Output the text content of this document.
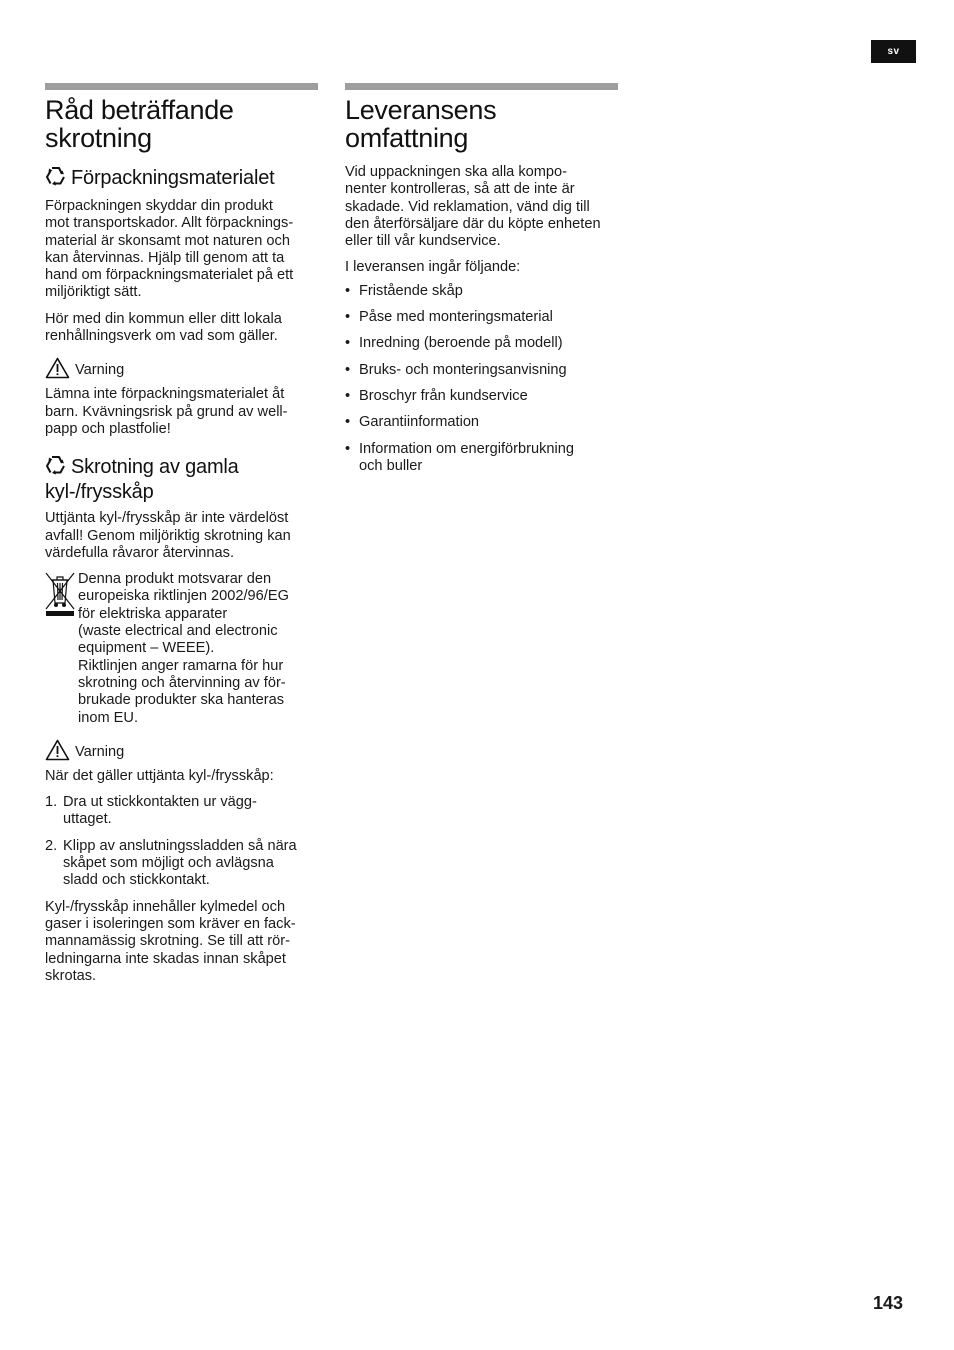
sv
Råd beträffande
skrotning
Förpackningsmaterialet

Förpackningen skyddar din produkt
mot transportskador. Allt förpacknings-
material är skonsamt mot naturen och
kan återvinnas. Hjälp till genom att ta
hand om förpackningsmaterialet på ett
miljöriktigt sätt.

Hör med din kommun eller ditt lokala
renhållningsverk om vad som gäller.

Varning

Lämna inte förpackningsmaterialet åt
barn. Kvävningsrisk på grund av well-
papp och plastfolie!

Skrotning av gamla
kyl-/frysskåp

Uttjänta kyl-/frysskåp är inte värdelöst
avfall! Genom miljöriktig skrotning kan
värdefulla råvaror återvinnas.

Denna produkt motsvarar den
europeiska riktlinjen 2002/96/EG
för elektriska apparater
(waste electrical and electronic
equipment – WEEE).
Riktlinjen anger ramarna för hur
skrotning och återvinning av för-
brukade produkter ska hanteras
inom EU.

Varning

När det gäller uttjänta kyl-/frysskåp:

1. Dra ut stickkontakten ur vägg-
uttaget.
2. Klipp av anslutningssladden så nära
skåpet som möjligt och avlägsna
sladd och stickkontakt.

Kyl-/frysskåp innehåller kylmedel och
gaser i isoleringen som kräver en fack-
mannamässig skrotning. Se till att rör-
ledningarna inte skadas innan skåpet
skrotas.

Leveransens
omfattning

Vid uppackningen ska alla kompo-
nenter kontrolleras, så att de inte är
skadade. Vid reklamation, vänd dig till
den återförsäljare där du köpte enheten
eller till vår kundservice.

I leveransen ingår följande:
• Fristående skåp
• Påse med monteringsmaterial
• Inredning (beroende på modell)
• Bruks- och monteringsanvisning
• Broschyr från kundservice
• Garantiinformation
• Information om energiförbrukning
och buller
143
